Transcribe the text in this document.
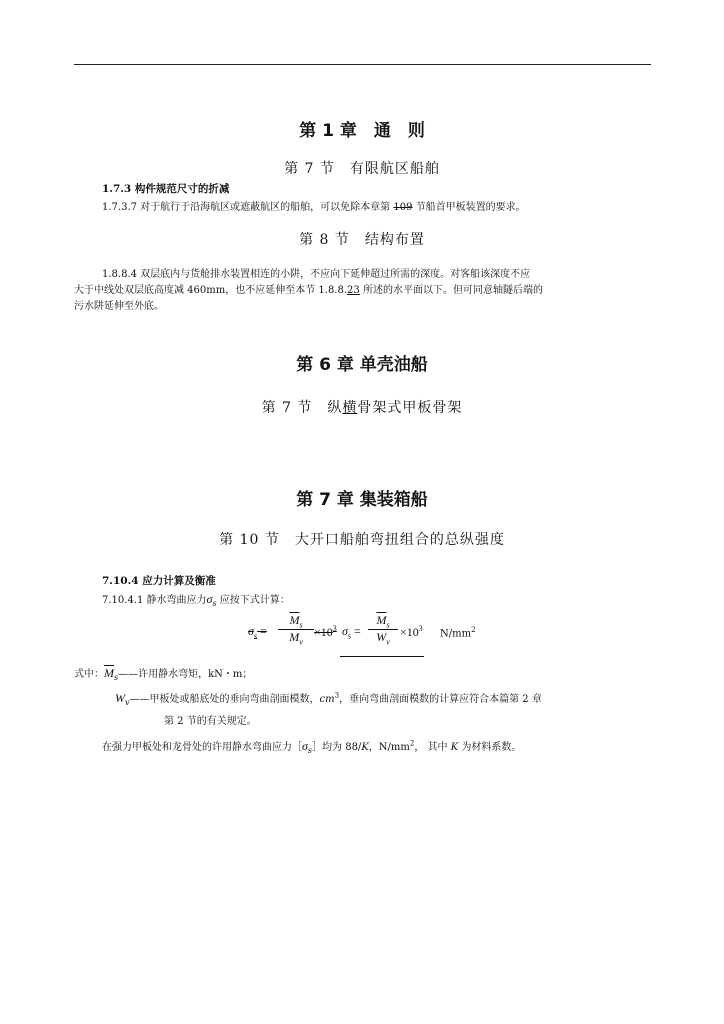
第 1 章　通　则
第 7 节　有限航区船舶
1.7.3 构件规范尺寸的折减
1.7.3.7 对于航行于沿海航区或遮蔽航区的船舶，可以免除本章第 109 节船首甲板装置的要求。
第 8 节　结构布置
1.8.8.4 双层底内与货舱排水装置相连的小阱，不应向下延伸超过所需的深度。对客船该深度不应
大于中线处双层底高度减 460mm，也不应延伸至本节 1.8.8.23 所述的水平面以下。但可同意轴隧后端的
污水阱延伸至外底。
第 6 章 单壳油船
第 7 节　纵横骨架式甲板骨架
第 7 章 集装箱船
第 10 节　大开口船舶弯扭组合的总纵强度
7.10.4 应力计算及衡准
7.10.4.1 静水弯曲应力$\sigma_s$ 应按下式计算：
$\sigma_s = \frac{\overline{M}_s}{M_v} \times 10^3$ $\sigma_s = \frac{\overline{M}_s}{W_v} \times 10^3$ $N/mm^2$
式中：$\overline{M}_s——$许用静水弯矩，kN・m；
$W_v——$甲板处或船底处的垂向弯曲剖面模数，$cm^3$，垂向弯曲剖面模数的计算应符合本篇第 2 章
第 2 节的有关规定。
在强力甲板处和龙骨处的许用静水弯曲应力$[\sigma_s]$均为 88/K，$N/mm^2$， 其中 K 为材料系数。
